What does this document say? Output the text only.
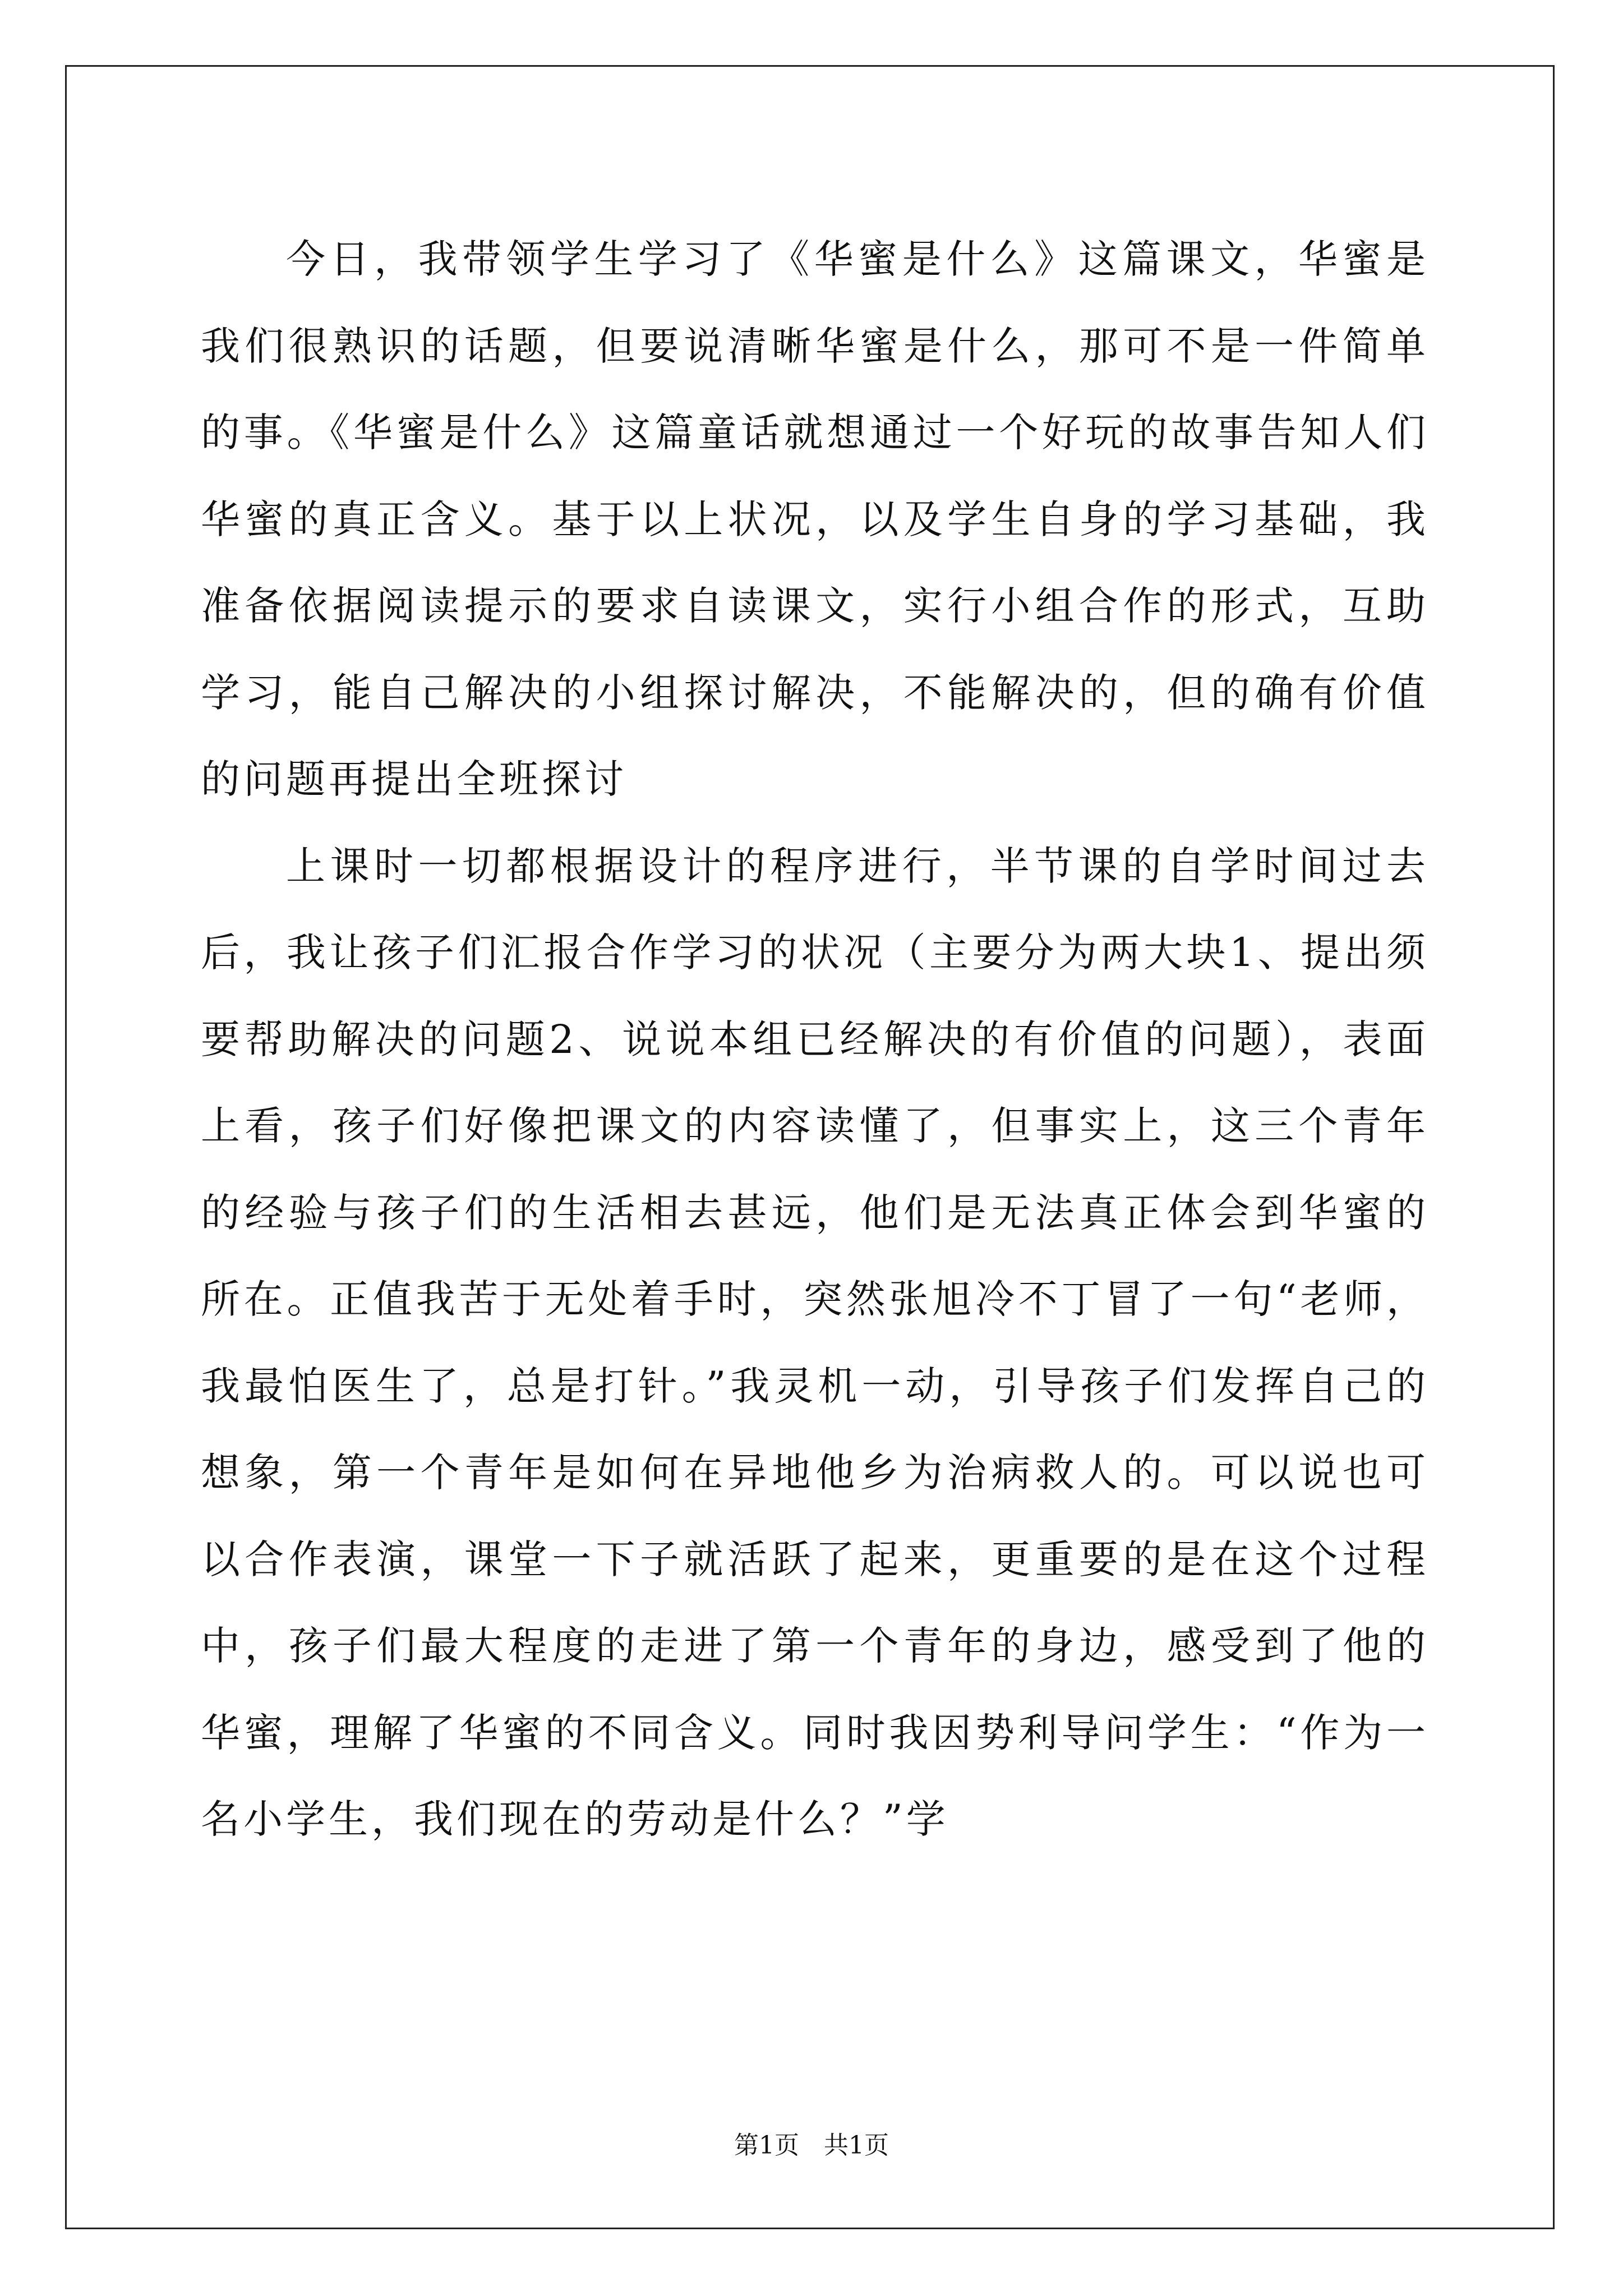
今日，我带领学生学习了《华蜜是什么》这篇课文，华蜜是我们很熟识的话题，但要说清晰华蜜是什么，那可不是一件简单的事。《华蜜是什么》这篇童话就想通过一个好玩的故事告知人们华蜜的真正含义。基于以上状况，以及学生自身的学习基础，我准备依据阅读提示的要求自读课文，实行小组合作的形式，互助学习，能自己解决的小组探讨解决，不能解决的，但的确有价值的问题再提出全班探讨

上课时一切都根据设计的程序进行，半节课的自学时间过去后，我让孩子们汇报合作学习的状况（主要分为两大块1、提出须要帮助解决的问题2、说说本组已经解决的有价值的问题），表面上看，孩子们好像把课文的内容读懂了，但事实上，这三个青年的经验与孩子们的生活相去甚远，他们是无法真正体会到华蜜的所在。正值我苦于无处着手时，突然张旭冷不丁冒了一句“老师，我最怕医生了，总是打针。”我灵机一动，引导孩子们发挥自己的想象，第一个青年是如何在异地他乡为治病救人的。可以说也可以合作表演，课堂一下子就活跃了起来，更重要的是在这个过程中，孩子们最大程度的走进了第一个青年的身边，感受到了他的华蜜，理解了华蜜的不同含义。同时我因势利导问学生：“作为一名小学生，我们现在的劳动是什么？”学

第1页　共1页
